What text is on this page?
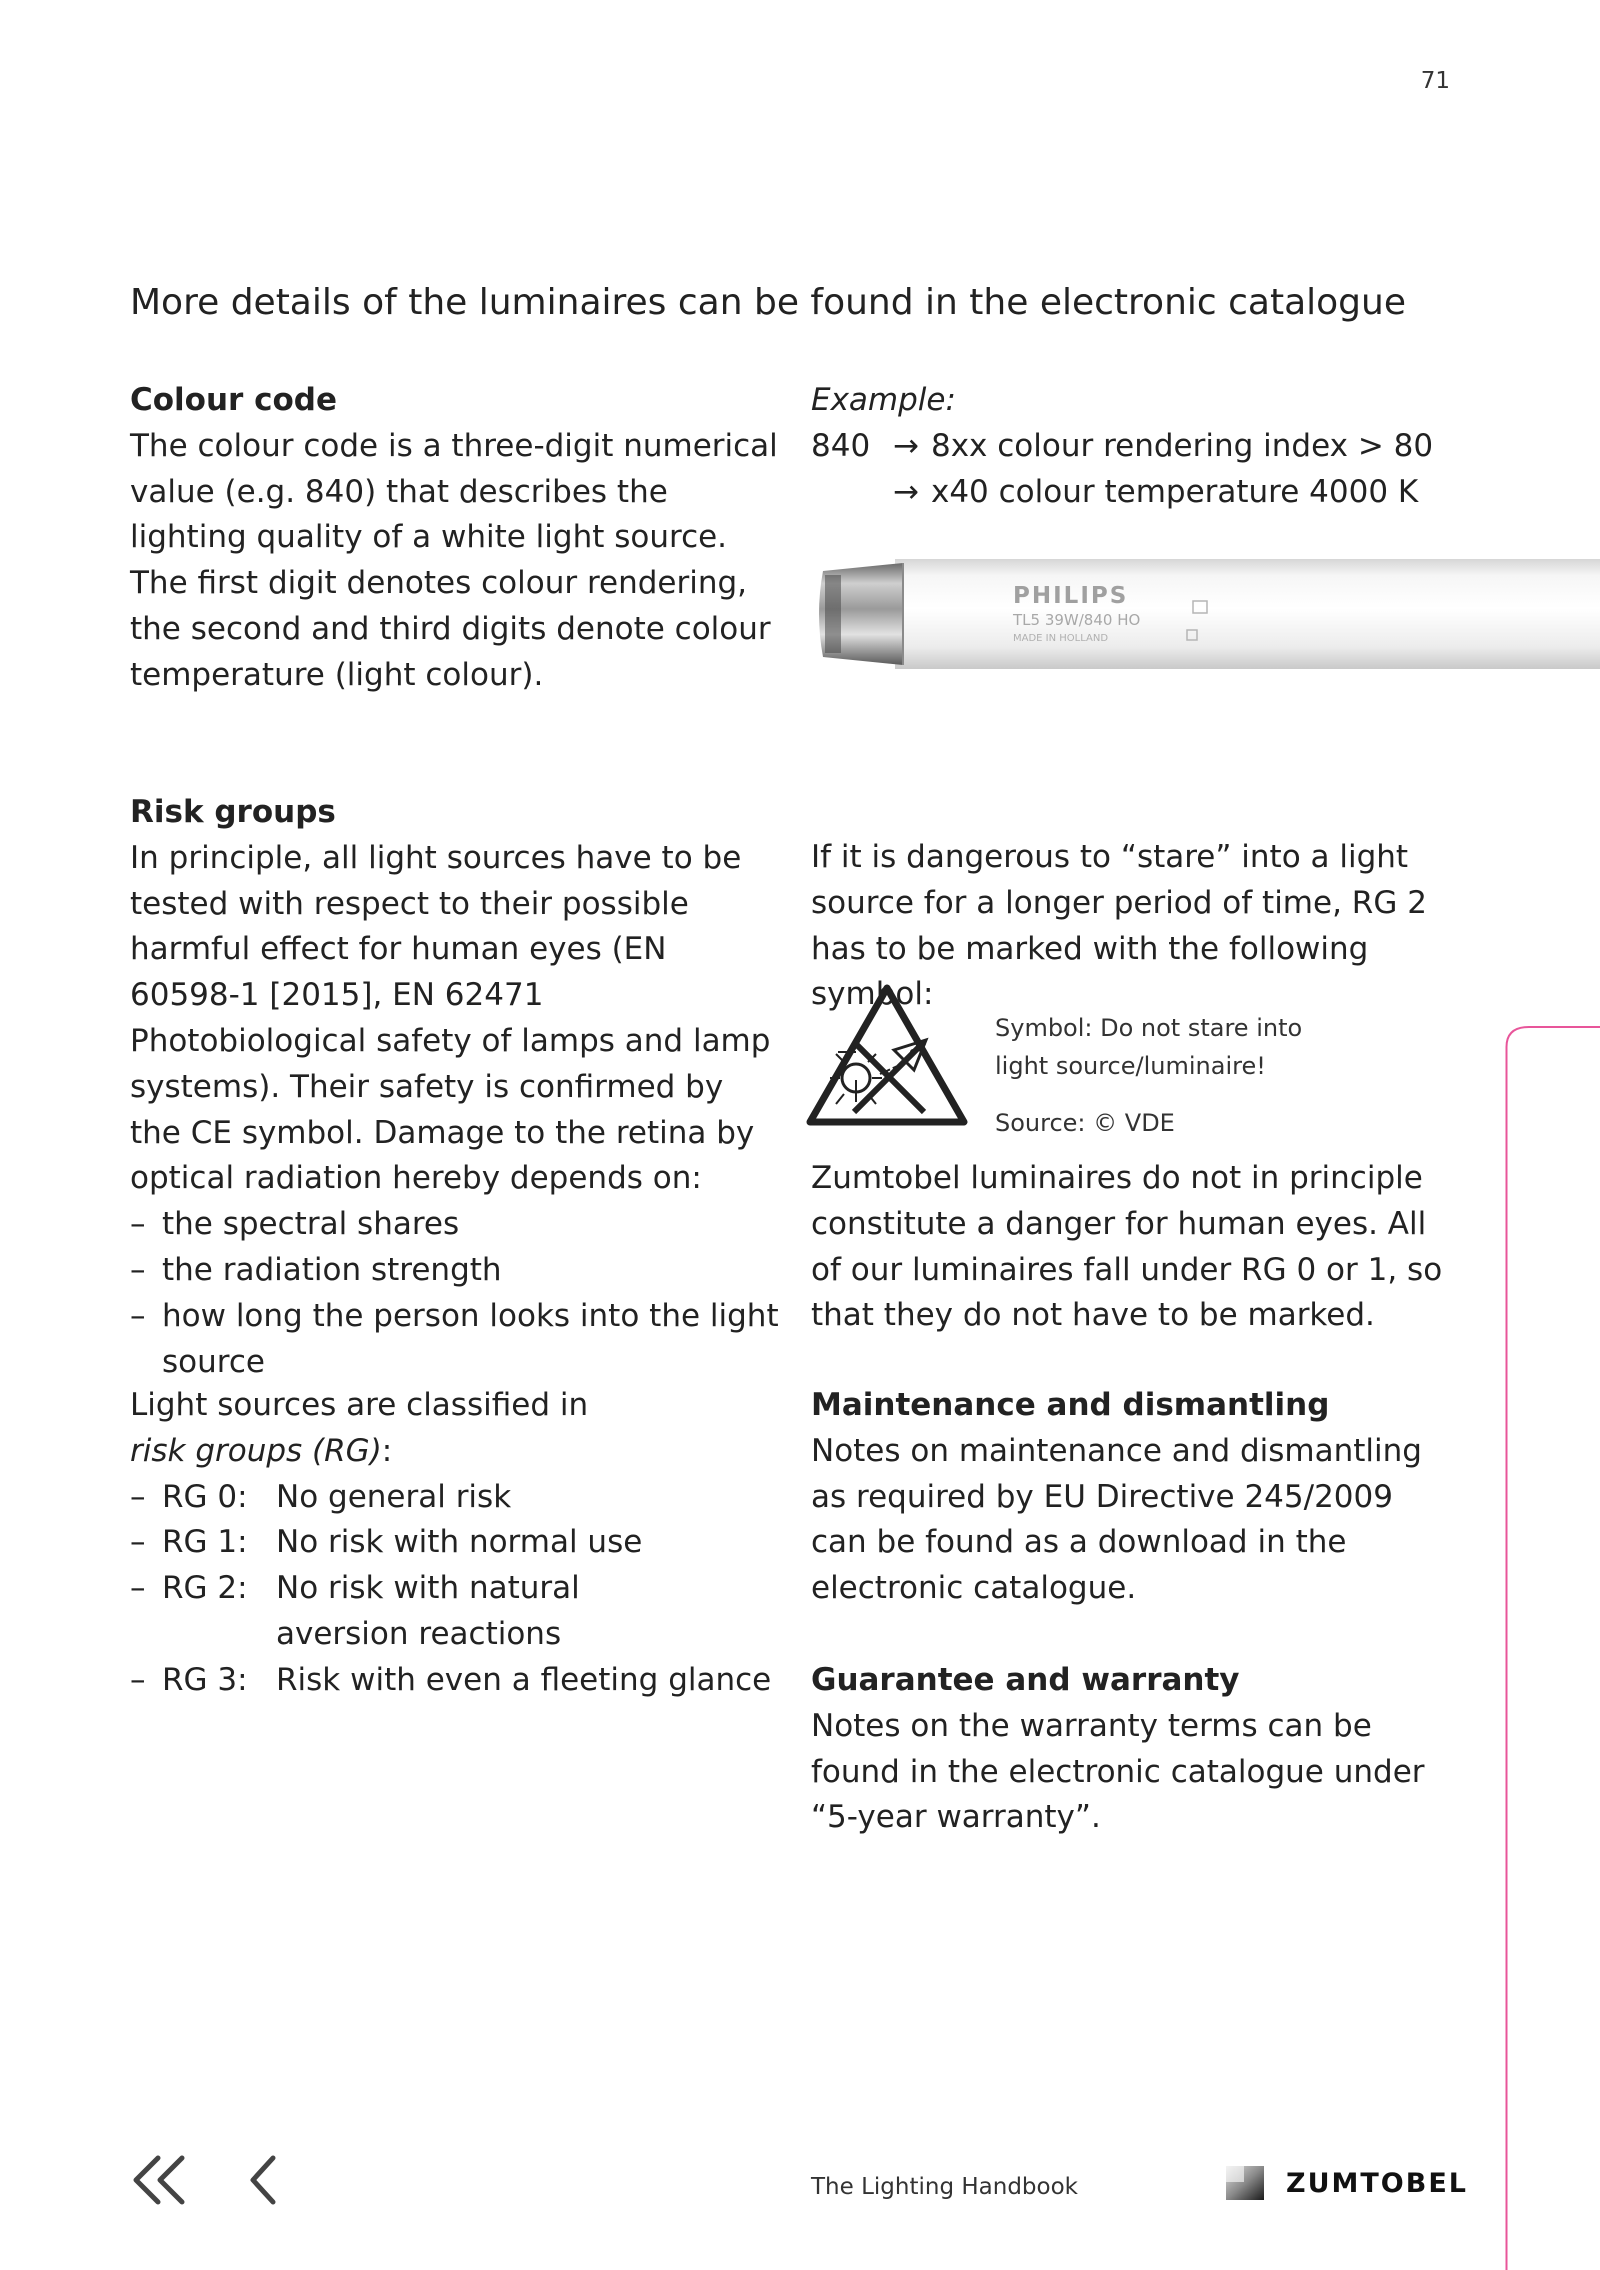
71
More details of the luminaires can be found in the electronic catalogue
Colour code

The colour code is a three-digit numerical value (e.g. 840) that describes the lighting quality of a white light source. The first digit denotes colour rendering, the second and third digits denote colour temperature (light colour).

Example:
840 → 8xx colour rendering index > 80
→ x40 colour temperature 4000 K
PHILIPS
TL5 39W/840 HO
MADE IN HOLLAND
Risk groups

In principle, all light sources have to be tested with respect to their possible harmful effect for human eyes (EN 60598-1 [2015], EN 62471 Photobiological safety of lamps and lamp systems). Their safety is confirmed by the CE symbol. Damage to the retina by optical radiation hereby depends on:

– the spectral shares
– the radiation strength
– how long the person looks into the light source
Light sources are classified in
risk groups (RG):
– RG 0: No general risk
– RG 1: No risk with normal use
– RG 2: No risk with natural aversion reactions
– RG 3: Risk with even a fleeting glance

If it is dangerous to “stare” into a light source for a longer period of time, RG 2 has to be marked with the following symbol:

Symbol: Do not stare into light source/luminaire!
Source: © VDE

Zumtobel luminaires do not in principle constitute a danger for human eyes. All of our luminaires fall under RG 0 or 1, so that they do not have to be marked.

Maintenance and dismantling

Notes on maintenance and dismantling as required by EU Directive 245/2009 can be found as a download in the electronic catalogue.

Guarantee and warranty

Notes on the warranty terms can be found in the electronic catalogue under “5-year warranty”.

The Lighting Handbook	ZUMTOBEL
